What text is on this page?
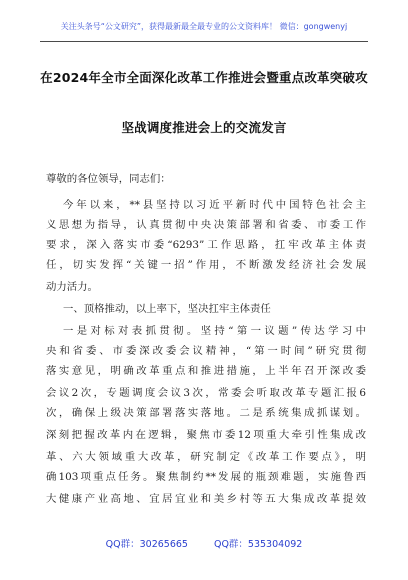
关注头条号“公文研究”，获得最新最全最专业的公文资料库！ 微信：gongwenyj
在2024年全市全面深化改革工作推进会暨重点改革突破攻
坚战调度推进会上的交流发言
尊敬的各位领导，同志们：
今年以来，**县坚持以习近平新时代中国特色社会主
义思想为指导，认真贯彻中央决策部署和省委、市委工作
要求，深入落实市委“6293”工作思路，扛牢改革主体责
任，切实发挥“关键一招”作用，不断激发经济社会发展
动力活力。
一、顶格推动，以上率下，坚决扛牢主体责任
一是对标对表抓贯彻。坚持“第一议题”传达学习中
央和省委、市委深改委会议精神，“第一时间”研究贯彻
落实意见，明确改革重点和推进措施，上半年召开深改委
会议2次，专题调度会议3次，常委会听取改革专题汇报6
次，确保上级决策部署落实落地。二是系统集成抓谋划。
深刻把握改革内在逻辑，聚焦市委12项重大牵引性集成改
革、六大领域重大改革，研究制定《改革工作要点》，明
确103项重点任务。聚焦制约**发展的瓶颈难题，实施鲁西
大健康产业高地、宜居宜业和美乡村等五大集成改革提效
QQ群：30265665	QQ群：535304092
